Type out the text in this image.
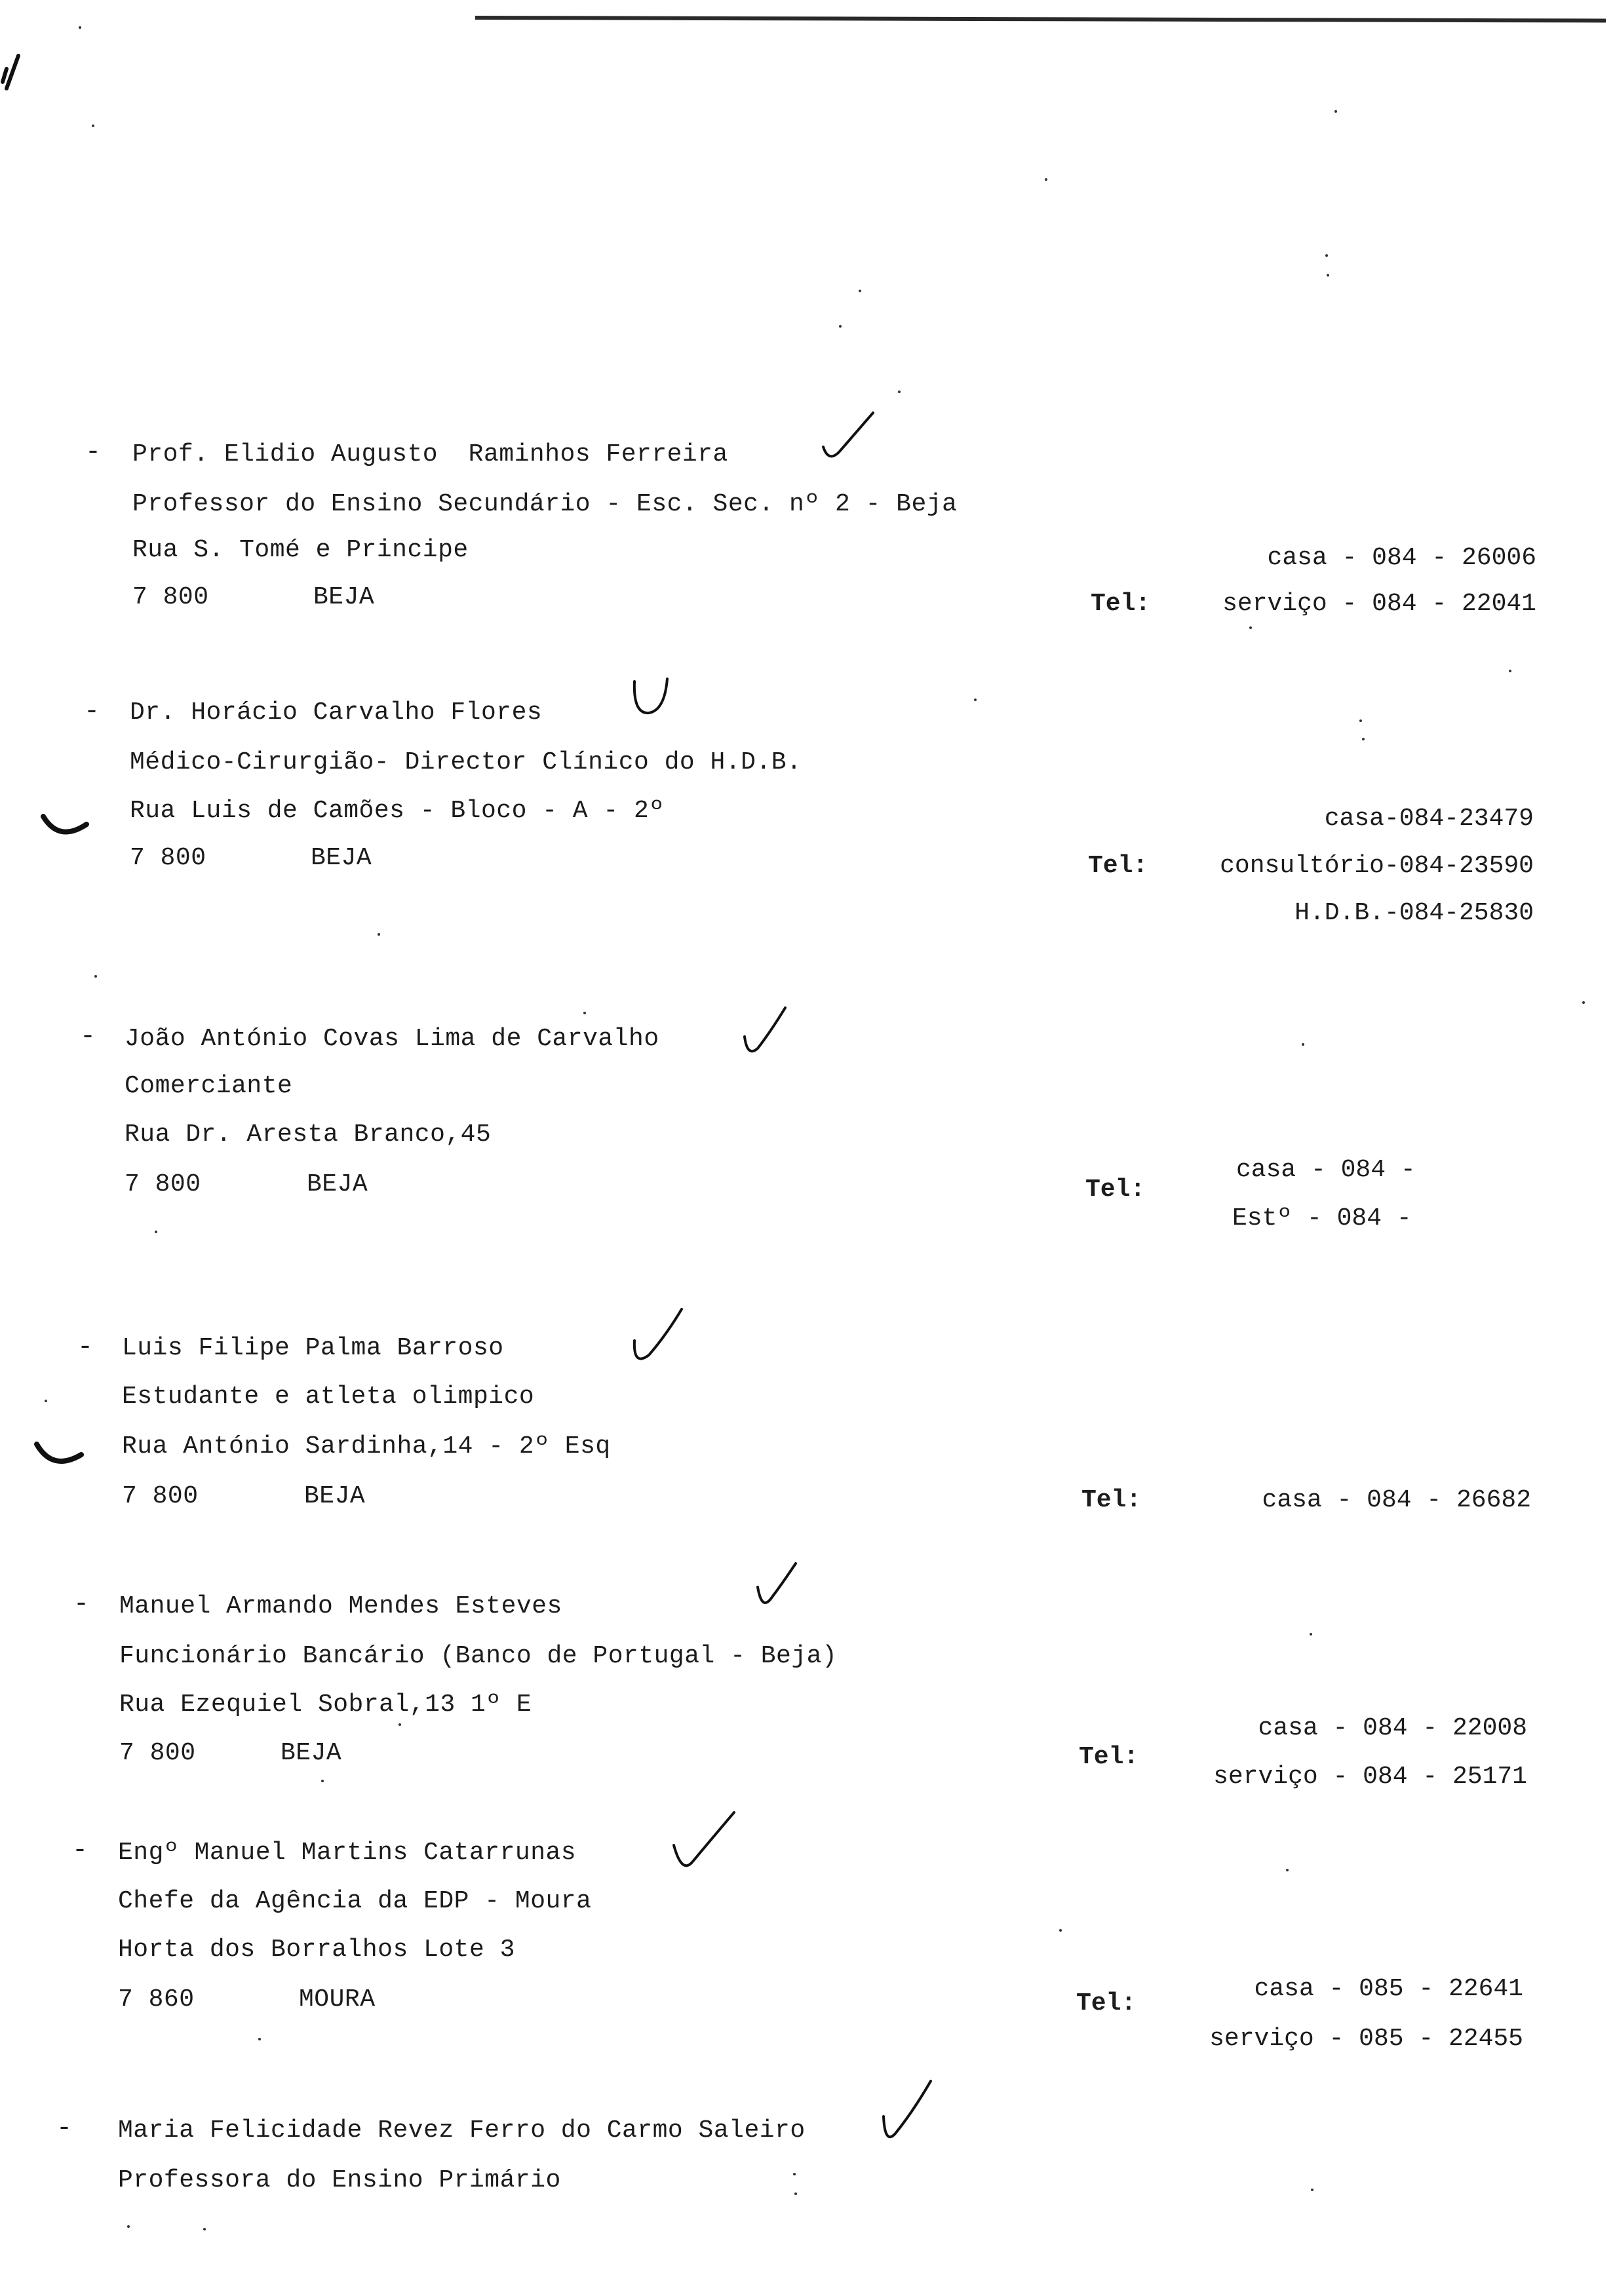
- Prof. Elidio Augusto  Raminhos Ferreira
Professor do Ensino Secundário - Esc. Sec. nº 2 - Beja
Rua S. Tomé e Principe
7 800	BEJA	Tel:
casa - 084 - 26006
serviço - 084 - 22041
- Dr. Horácio Carvalho Flores
Médico-Cirurgião- Director Clínico do H.D.B.
Rua Luis de Camões - Bloco - A - 2º
7 800	BEJA	Tel:
casa-084-23479
consultório-084-23590
H.D.B.-084-25830
- João António Covas Lima de Carvalho
Comerciante
Rua Dr. Aresta Branco,45
7 800	BEJA	Tel:
casa - 084 -
Estº - 084 -
- Luis Filipe Palma Barroso
Estudante e atleta olimpico
Rua António Sardinha,14 - 2º Esq
7 800	BEJA	Tel:	casa - 084 - 26682
- Manuel Armando Mendes Esteves
Funcionário Bancário (Banco de Portugal - Beja)
Rua Ezequiel Sobral,13 1º E
7 800	BEJA	Tel:
casa - 084 - 22008
serviço - 084 - 25171
- Engº Manuel Martins Catarrunas
Chefe da Agência da EDP - Moura
Horta dos Borralhos Lote 3
7 860	MOURA	Tel:
casa - 085 - 22641
serviço - 085 - 22455
- Maria Felicidade Revez Ferro do Carmo Saleiro
Professora do Ensino Primário
